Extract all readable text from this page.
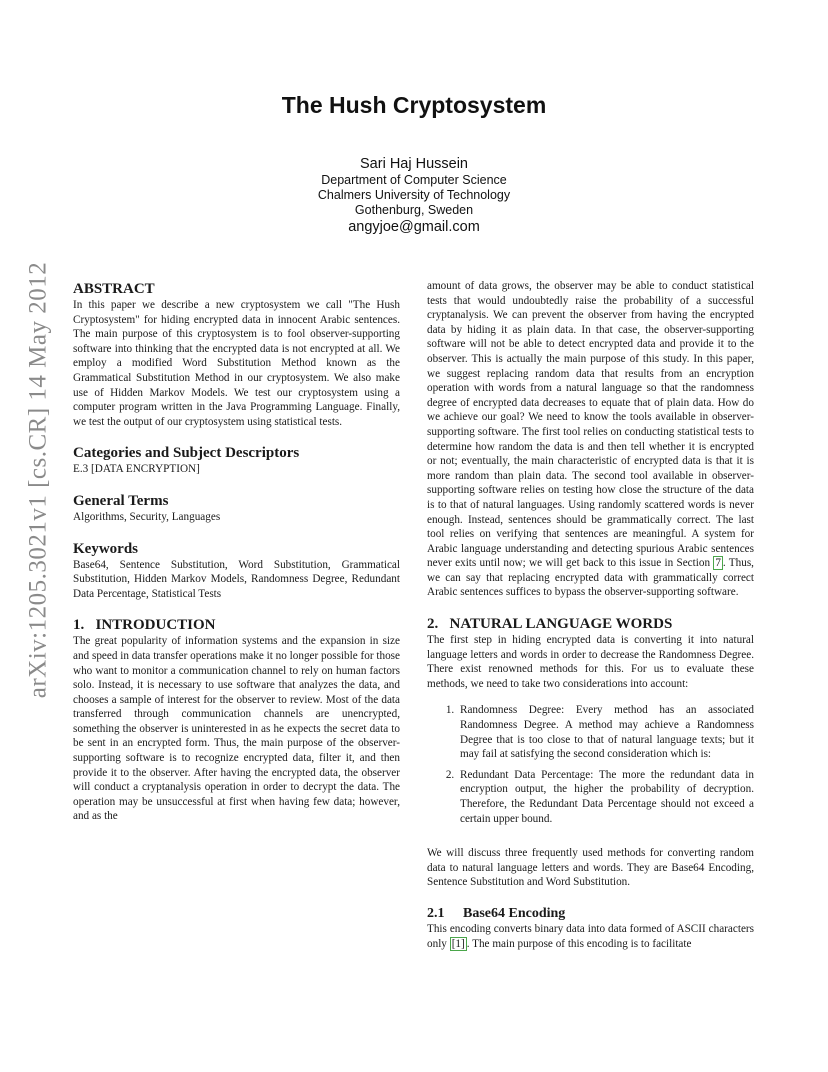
arXiv:1205.3021v1 [cs.CR] 14 May 2012
The Hush Cryptosystem
Sari Haj Hussein
Department of Computer Science
Chalmers University of Technology
Gothenburg, Sweden
angyjoe@gmail.com
ABSTRACT

In this paper we describe a new cryptosystem we call "The Hush Cryptosystem" for hiding encrypted data in innocent Arabic sentences. The main purpose of this cryptosystem is to fool observer-supporting software into thinking that the encrypted data is not encrypted at all. We employ a modified Word Substitution Method known as the Grammatical Substitution Method in our cryptosystem. We also make use of Hidden Markov Models. We test our cryptosystem using a computer program written in the Java Programming Language. Finally, we test the output of our cryptosystem using statistical tests.

Categories and Subject Descriptors

E.3 [DATA ENCRYPTION]

General Terms

Algorithms, Security, Languages

Keywords

Base64, Sentence Substitution, Word Substitution, Grammatical Substitution, Hidden Markov Models, Randomness Degree, Redundant Data Percentage, Statistical Tests

1.   INTRODUCTION

The great popularity of information systems and the expansion in size and speed in data transfer operations make it no longer possible for those who want to monitor a communication channel to rely on human factors solo. Instead, it is necessary to use software that analyzes the data, and chooses a sample of interest for the observer to review. Most of the data transferred through communication channels are unencrypted, something the observer is uninterested in as he expects the secret data to be sent in an encrypted form. Thus, the main purpose of the observer-supporting software is to recognize encrypted data, filter it, and then provide it to the observer. After having the encrypted data, the observer will conduct a cryptanalysis operation in order to decrypt the data. The operation may be unsuccessful at first when having few data; however, and as the

amount of data grows, the observer may be able to conduct statistical tests that would undoubtedly raise the probability of a successful cryptanalysis. We can prevent the observer from having the encrypted data by hiding it as plain data. In that case, the observer-supporting software will not be able to detect encrypted data and provide it to the observer. This is actually the main purpose of this study. In this paper, we suggest replacing random data that results from an encryption operation with words from a natural language so that the randomness degree of encrypted data decreases to equate that of plain data. How do we achieve our goal? We need to know the tools available in observer-supporting software. The first tool relies on conducting statistical tests to determine how random the data is and then tell whether it is encrypted or not; eventually, the main characteristic of encrypted data is that it is more random than plain data. The second tool available in observer-supporting software relies on testing how close the structure of the data is to that of natural languages. Using randomly scattered words is never enough. Instead, sentences should be grammatically correct. The last tool relies on verifying that sentences are meaningful. A system for Arabic language understanding and detecting spurious Arabic sentences never exits until now; we will get back to this issue in Section 7 . Thus, we can say that replacing encrypted data with grammatically correct Arabic sentences suffices to bypass the observer-supporting software.

2.   NATURAL LANGUAGE WORDS

The first step in hiding encrypted data is converting it into natural language letters and words in order to decrease the Randomness Degree. There exist renowned methods for this. For us to evaluate these methods, we need to take two considerations into account:

1. Randomness Degree: Every method has an associated Randomness Degree. A method may achieve a Randomness Degree that is too close to that of natural language texts; but it may fail at satisfying the second consideration which is:
2. Redundant Data Percentage: The more the redundant data in encryption output, the higher the probability of decryption. Therefore, the Redundant Data Percentage should not exceed a certain upper bound.

We will discuss three frequently used methods for converting random data to natural language letters and words. They are Base64 Encoding, Sentence Substitution and Word Substitution.

2.1 Base64 Encoding

This encoding converts binary data into data formed of ASCII characters only [1] . The main purpose of this encoding is to facilitate
